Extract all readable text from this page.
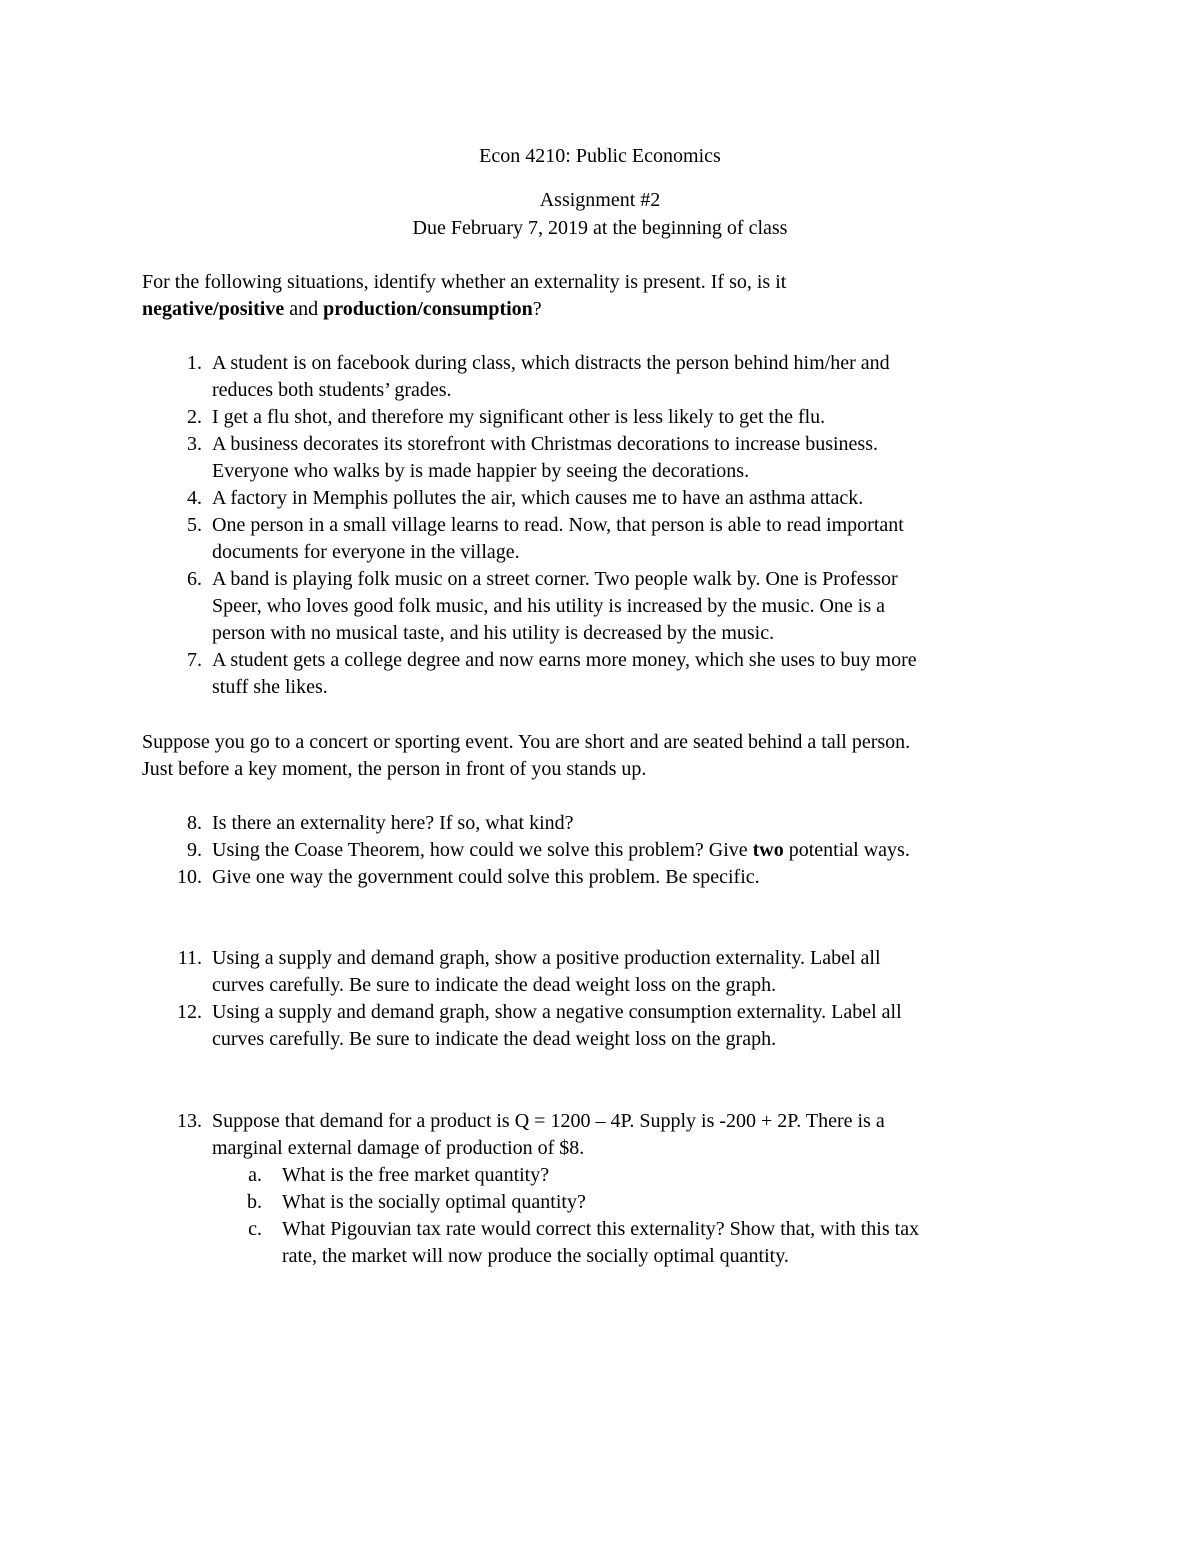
Econ 4210: Public Economics
Assignment #2
Due February 7, 2019 at the beginning of class
For the following situations, identify whether an externality is present. If so, is it
negative/positive and production/consumption?
1. A student is on facebook during class, which distracts the person behind him/her and
reduces both students’ grades.
2. I get a flu shot, and therefore my significant other is less likely to get the flu.
3. A business decorates its storefront with Christmas decorations to increase business.
Everyone who walks by is made happier by seeing the decorations.
4. A factory in Memphis pollutes the air, which causes me to have an asthma attack.
5. One person in a small village learns to read. Now, that person is able to read important
documents for everyone in the village.
6. A band is playing folk music on a street corner. Two people walk by. One is Professor
Speer, who loves good folk music, and his utility is increased by the music. One is a
person with no musical taste, and his utility is decreased by the music.
7. A student gets a college degree and now earns more money, which she uses to buy more
stuff she likes.
Suppose you go to a concert or sporting event. You are short and are seated behind a tall person.
Just before a key moment, the person in front of you stands up.
8. Is there an externality here? If so, what kind?
9. Using the Coase Theorem, how could we solve this problem? Give two potential ways.
10. Give one way the government could solve this problem. Be specific.
11. Using a supply and demand graph, show a positive production externality. Label all
curves carefully. Be sure to indicate the dead weight loss on the graph.
12. Using a supply and demand graph, show a negative consumption externality. Label all
curves carefully. Be sure to indicate the dead weight loss on the graph.
13. Suppose that demand for a product is Q = 1200 – 4P. Supply is -200 + 2P. There is a
marginal external damage of production of $8.
a. What is the free market quantity?
b. What is the socially optimal quantity?
c. What Pigouvian tax rate would correct this externality? Show that, with this tax
rate, the market will now produce the socially optimal quantity.
